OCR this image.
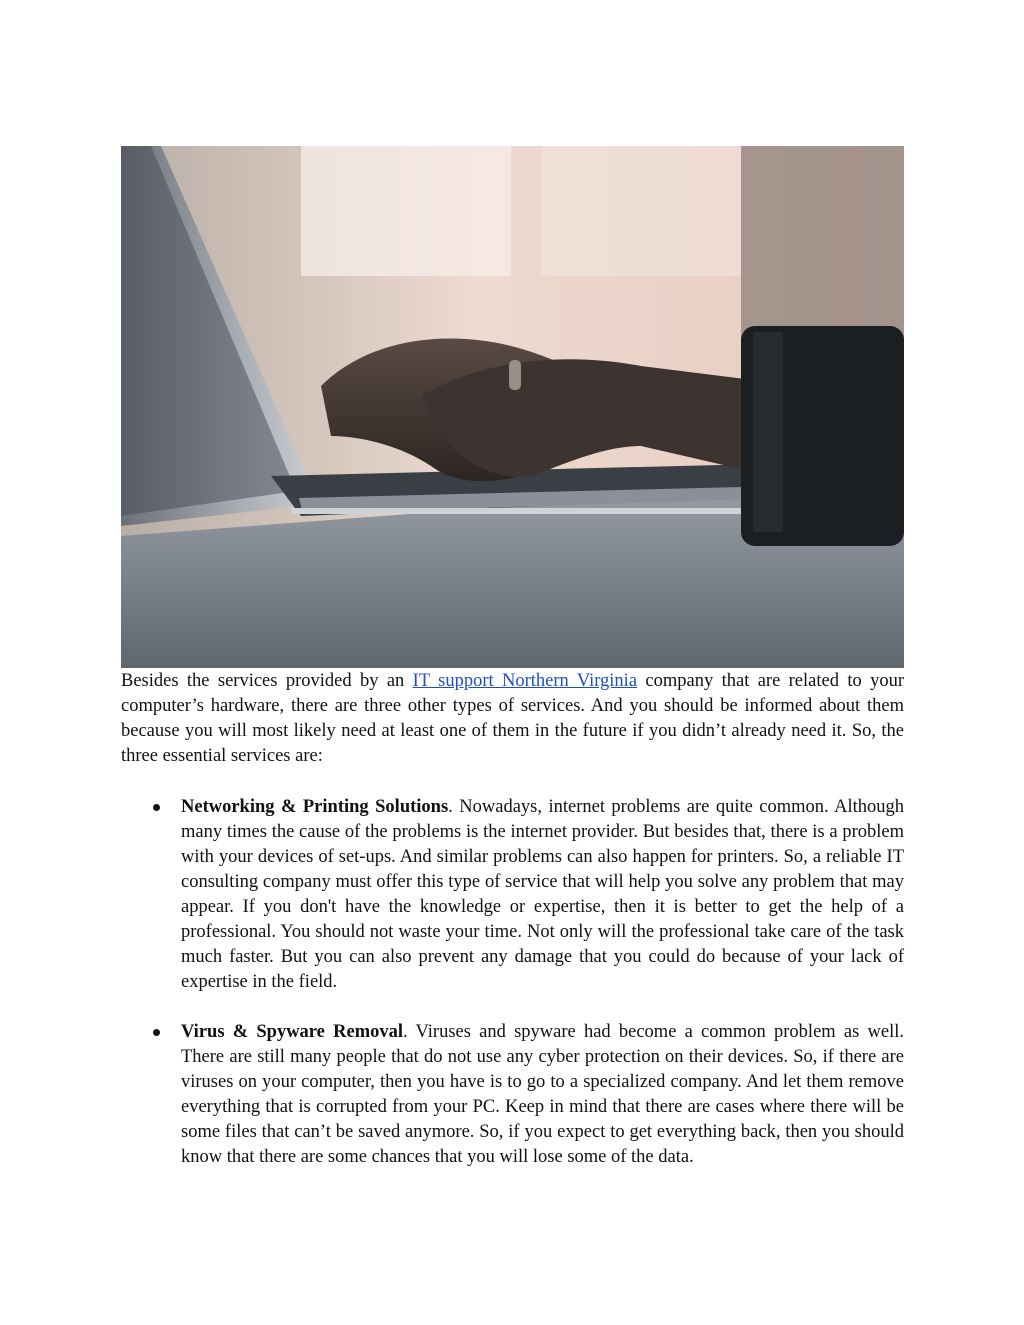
Besides the services provided by an IT support Northern Virginia company that are related to your computer’s hardware, there are three other types of services. And you should be informed about them because you will most likely need at least one of them in the future if you didn’t already need it. So, the three essential services are:

Networking & Printing Solutions. Nowadays, internet problems are quite common. Although many times the cause of the problems is the internet provider. But besides that, there is a problem with your devices of set-ups. And similar problems can also happen for printers. So, a reliable IT consulting company must offer this type of service that will help you solve any problem that may appear. If you don't have the knowledge or expertise, then it is better to get the help of a professional. You should not waste your time. Not only will the professional take care of the task much faster. But you can also prevent any damage that you could do because of your lack of expertise in the field.
Virus & Spyware Removal. Viruses and spyware had become a common problem as well. There are still many people that do not use any cyber protection on their devices. So, if there are viruses on your computer, then you have is to go to a specialized company. And let them remove everything that is corrupted from your PC. Keep in mind that there are cases where there will be some files that can’t be saved anymore. So, if you expect to get everything back, then you should know that there are some chances that you will lose some of the data.
